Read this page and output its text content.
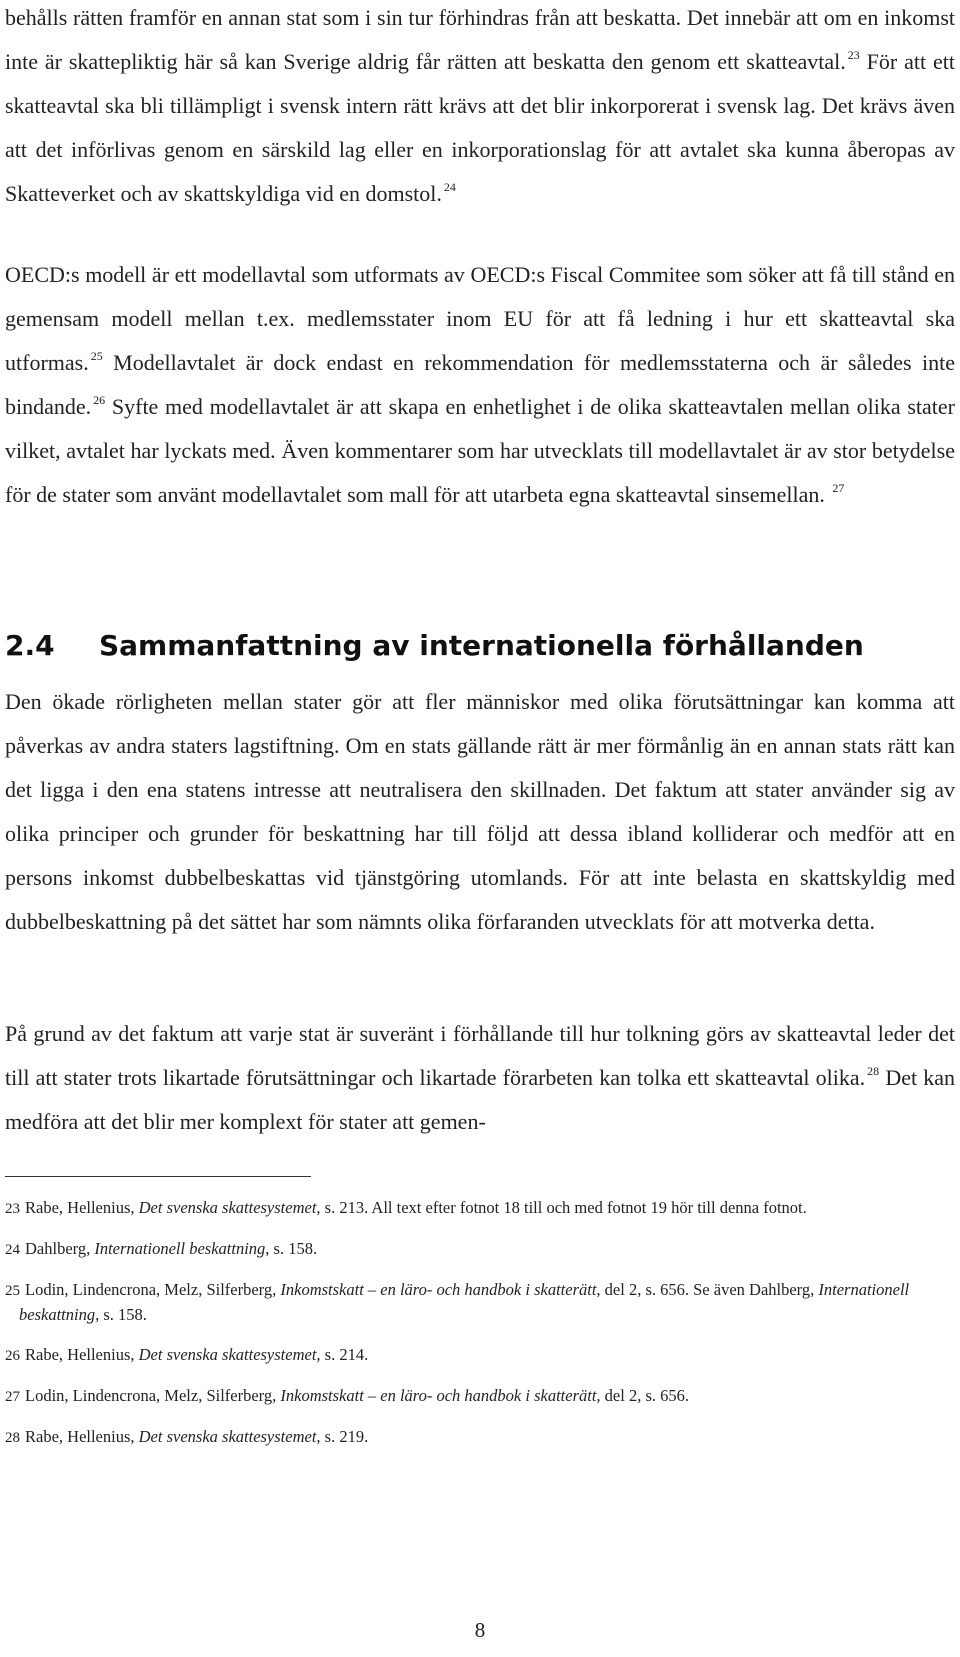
behålls rätten framför en annan stat som i sin tur förhindras från att beskatta. Det innebär att om en inkomst inte är skattepliktig här så kan Sverige aldrig får rätten att beskatta den genom ett skatteavtal. $^{23}$ För att ett skatteavtal ska bli tillämpligt i svensk intern rätt krävs att det blir inkorporerat i svensk lag. Det krävs även att det införlivas genom en särskild lag eller en inkorporationslag för att avtalet ska kunna åberopas av Skatteverket och av skattskyldiga vid en domstol. $^{24}$

OECD:s modell är ett modellavtal som utformats av OECD:s Fiscal Commitee som söker att få till stånd en gemensam modell mellan t.ex. medlemsstater inom EU för att få ledning i hur ett skatteavtal ska utformas. $^{25}$ Modellavtalet är dock endast en rekommendation för medlemsstaterna och är således inte bindande. $^{26}$ Syfte med modellavtalet är att skapa en enhetlighet i de olika skatteavtalen mellan olika stater vilket, avtalet har lyckats med. Även kommentarer som har utvecklats till modellavtalet är av stor betydelse för de stater som använt modellavtalet som mall för att utarbeta egna skatteavtal sinsemellan. $^{27}$

2.4 Sammanfattning av internationella förhållanden

Den ökade rörligheten mellan stater gör att fler människor med olika förutsättningar kan komma att påverkas av andra staters lagstiftning. Om en stats gällande rätt är mer förmånlig än en annan stats rätt kan det ligga i den ena statens intresse att neutralisera den skillnaden. Det faktum att stater använder sig av olika principer och grunder för beskattning har till följd att dessa ibland kolliderar och medför att en persons inkomst dubbelbeskattas vid tjänstgöring utomlands. För att inte belasta en skattskyldig med dubbelbeskattning på det sättet har som nämnts olika förfaranden utvecklats för att motverka detta.

På grund av det faktum att varje stat är suveränt i förhållande till hur tolkning görs av skatteavtal leder det till att stater trots likartade förutsättningar och likartade förarbeten kan tolka ett skatteavtal olika. $^{28}$ Det kan medföra att det blir mer komplext för stater att gemen-

23 Rabe, Hellenius, Det svenska skattesystemet, s. 213. All text efter fotnot 18 till och med fotnot 19 hör till denna fotnot.

24 Dahlberg, Internationell beskattning, s. 158.

25 Lodin, Lindencrona, Melz, Silferberg, Inkomstskatt – en läro- och handbok i skatterätt, del 2, s. 656. Se även Dahlberg, Internationell beskattning, s. 158.

26 Rabe, Hellenius, Det svenska skattesystemet, s. 214.

27 Lodin, Lindencrona, Melz, Silferberg, Inkomstskatt – en läro- och handbok i skatterätt, del 2, s. 656.

28 Rabe, Hellenius, Det svenska skattesystemet, s. 219.

8
